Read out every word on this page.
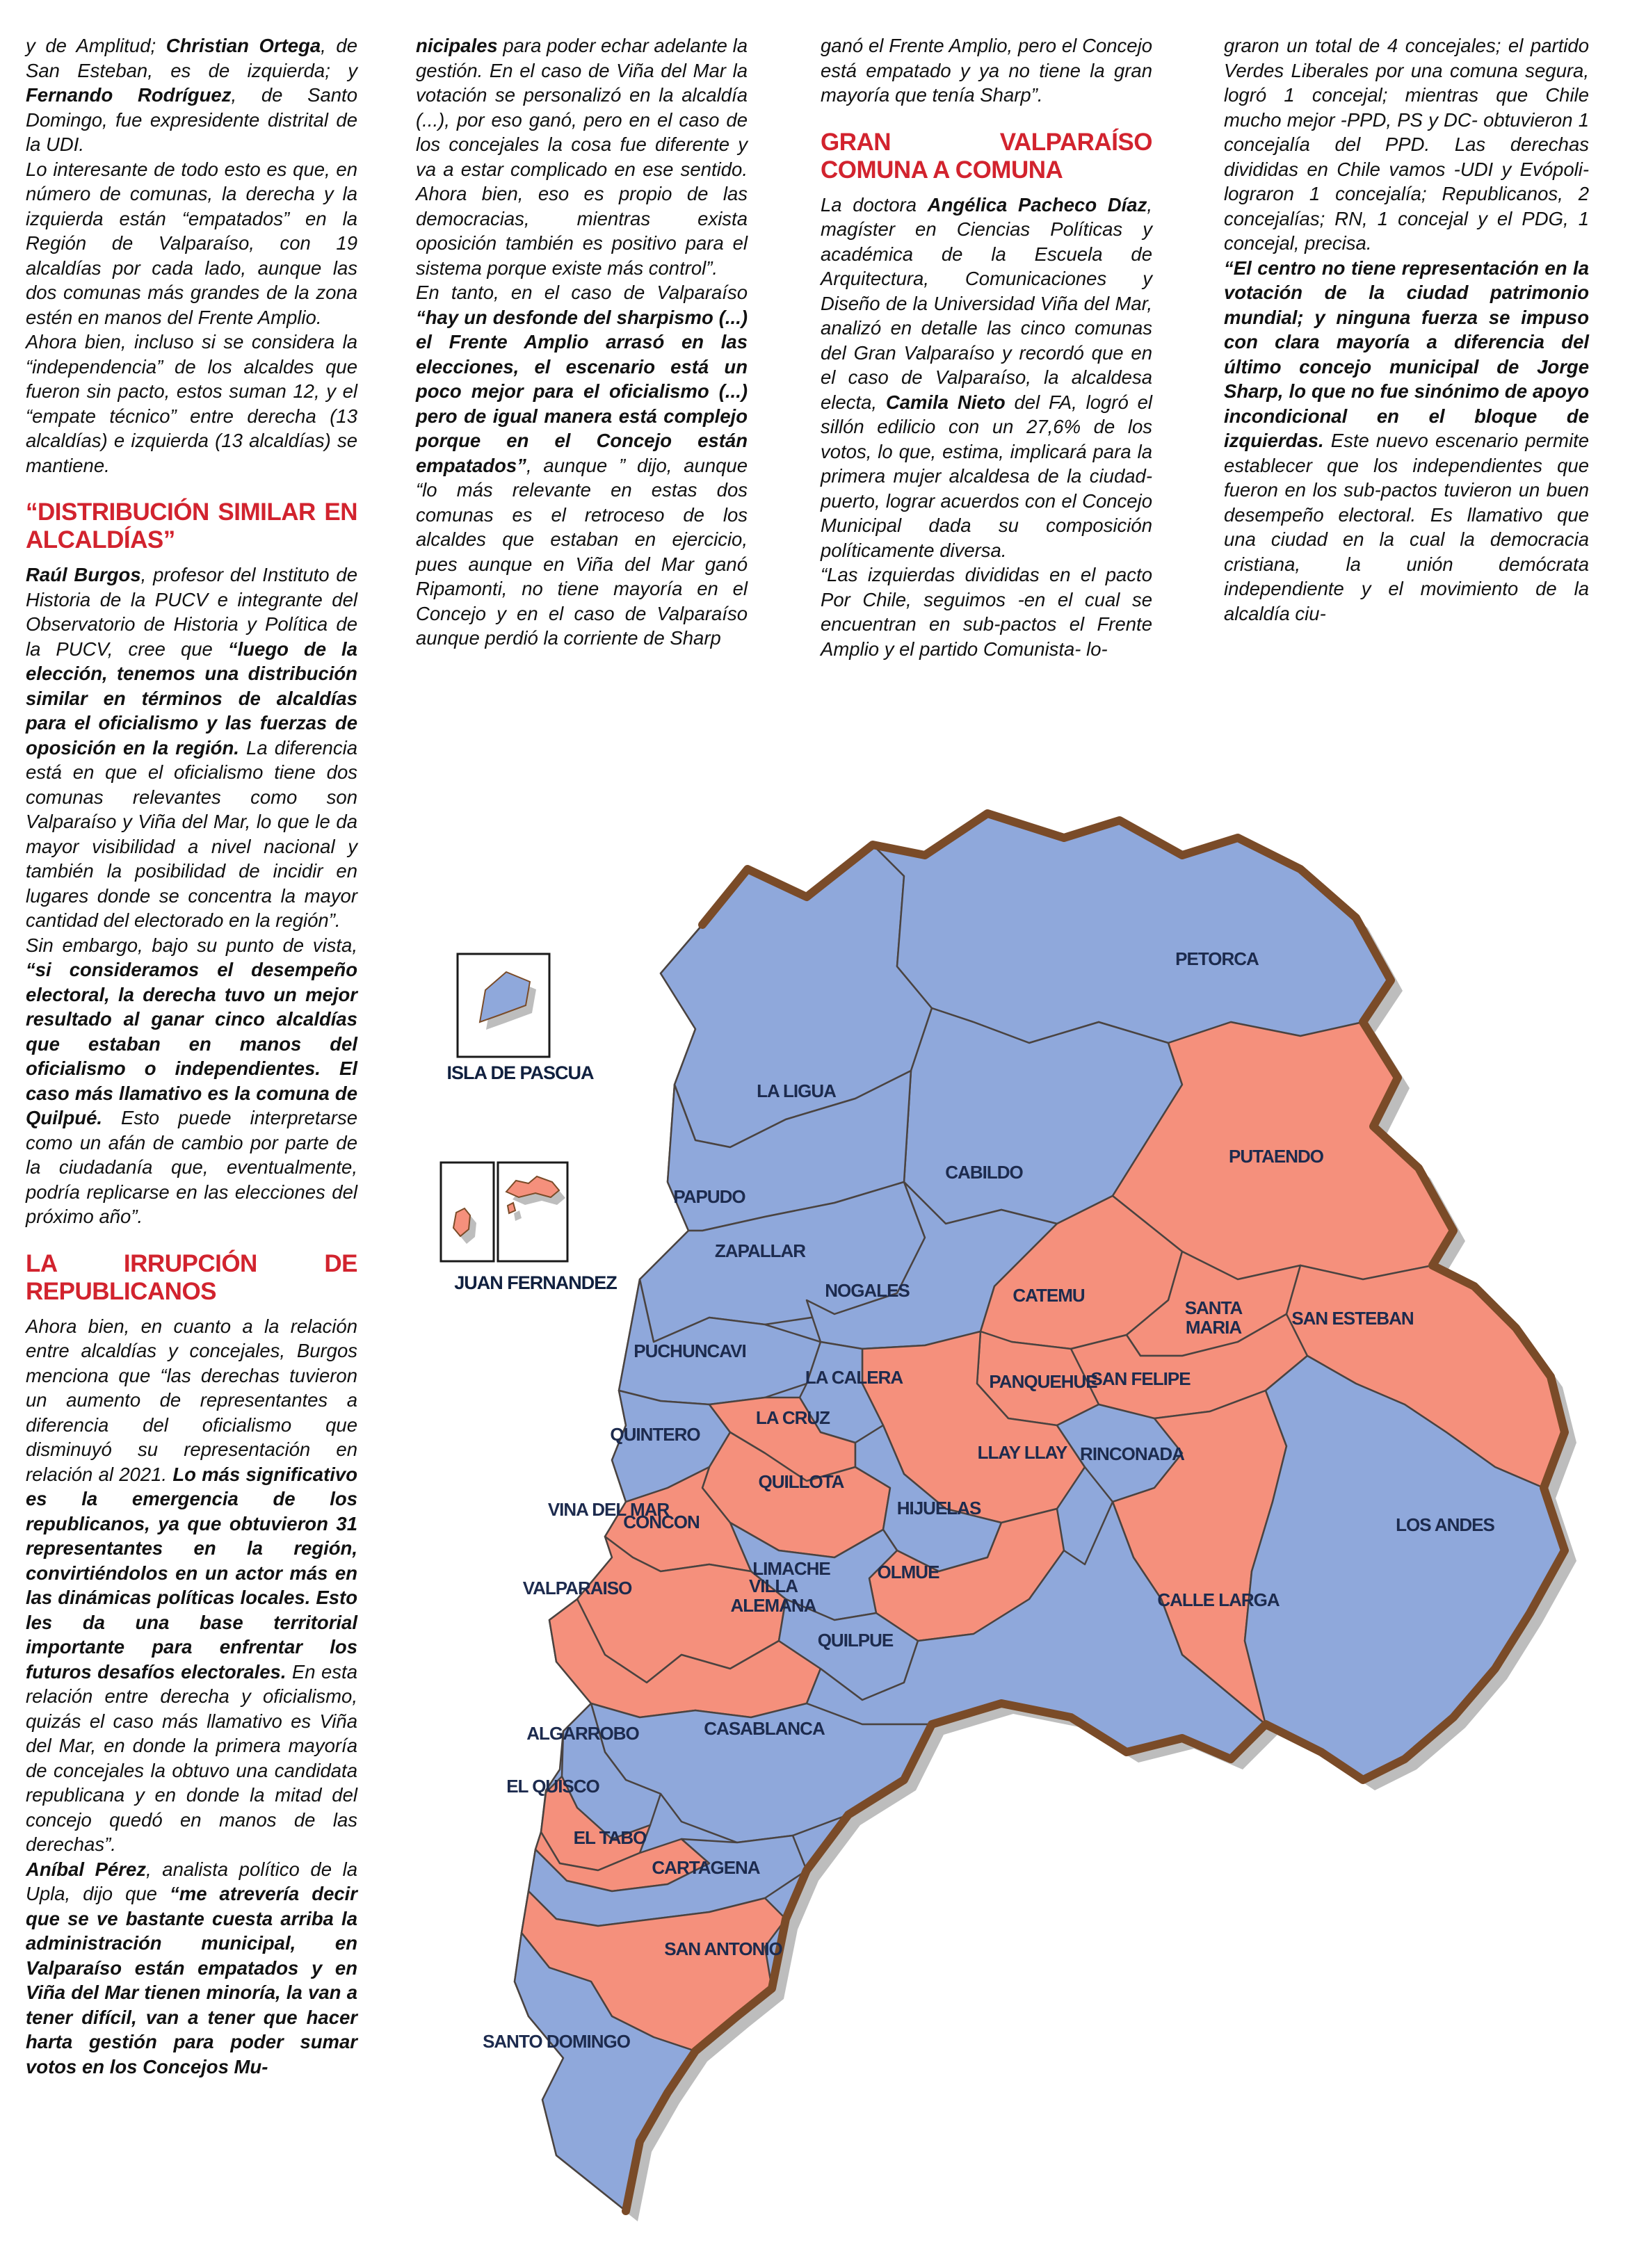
LA LIGUA
PETORCA
CABILDO
PUTAENDO
PAPUDO
ZAPALLAR
NOGALES	CATEMU
SANTA
MARIA
SAN FELIPE
SAN ESTEBAN
PANQUEHUE
LLAY LLAY RINCONADA
CALLE LARGA
LOS ANDES
PUCHUNCAVI
QUINTERO
LA CALERA
LA CRUZ
QUILLOTA
HIJUELAS
OLMUE
LIMACHE
CONCON
VINA DEL MAR
VALPARAISO	VILLA
ALEMANA
QUILPUE
CASABLANCA
ALGARROBO
EL QUISCO
EL TABO
CARTAGENA
SAN ANTONIO
SANTO DOMINGO
ISLA DE PASCUA
JUAN FERNANDEZ

y de Amplitud; Christian Ortega, de San Esteban, es de izquierda; y Fernando Rodríguez, de Santo Domingo, fue expresidente distrital de la UDI.

Lo interesante de todo esto es que, en número de comunas, la derecha y la izquierda están “empatados” en la Región de Valparaíso, con 19 alcaldías por cada lado, aunque las dos comunas más grandes de la zona estén en manos del Frente Amplio.

Ahora bien, incluso si se considera la “independencia” de los alcaldes que fueron sin pacto, estos suman 12, y el “empate técnico” entre derecha (13 alcaldías) e izquierda (13 alcaldías) se mantiene.

“DISTRIBUCIÓN SIMILAR EN ALCALDÍAS”

Raúl Burgos, profesor del Instituto de Historia de la PUCV e integrante del Observatorio de Historia y Política de la PUCV, cree que “luego de la elección, tenemos una distribución similar en términos de alcaldías para el oficialismo y las fuerzas de oposición en la región. La diferencia está en que el oficialismo tiene dos comunas relevantes como son Valparaíso y Viña del Mar, lo que le da mayor visibilidad a nivel nacional y también la posibilidad de incidir en lugares donde se concentra la mayor cantidad del electorado en la región”.

Sin embargo, bajo su punto de vista, “si consideramos el desempeño electoral, la derecha tuvo un mejor resultado al ganar cinco alcaldías que estaban en manos del oficialismo o independientes. El caso más llamativo es la comuna de Quilpué. Esto puede interpretarse como un afán de cambio por parte de la ciudadanía que, eventualmente, podría replicarse en las elecciones del próximo año”.

LA IRRUPCIÓN DE REPUBLICANOS

Ahora bien, en cuanto a la relación entre alcaldías y concejales, Burgos menciona que “las derechas tuvieron un aumento de representantes a diferencia del oficialismo que disminuyó su representación en relación al 2021. Lo más significativo es la emergencia de los republicanos, ya que obtuvieron 31 representantes en la región, convirtiéndolos en un actor más en las dinámicas políticas locales. Esto les da una base territorial importante para enfrentar los futuros desafíos electorales. En esta relación entre derecha y oficialismo, quizás el caso más llamativo es Viña del Mar, en donde la primera mayoría de concejales la obtuvo una candidata republicana y en donde la mitad del concejo quedó en manos de las derechas”.

Aníbal Pérez, analista político de la Upla, dijo que “me atrevería decir que se ve bastante cuesta arriba la administración municipal, en Valparaíso están empatados y en Viña del Mar tienen minoría, la van a tener difícil, van a tener que hacer harta gestión para poder sumar votos en los Concejos Mu-

nicipales para poder echar adelante la gestión. En el caso de Viña del Mar la votación se personalizó en la alcaldía (...), por eso ganó, pero en el caso de los concejales la cosa fue diferente y va a estar complicado en ese sentido. Ahora bien, eso es propio de las democracias, mientras exista oposición también es positivo para el sistema porque existe más control”.

En tanto, en el caso de Valparaíso “hay un desfonde del sharpismo (...) el Frente Amplio arrasó en las elecciones, el escenario está un poco mejor para el oficialismo (...) pero de igual manera está complejo porque en el Concejo están empatados”, aunque ” dijo, aunque “lo más relevante en estas dos comunas es el retroceso de los alcaldes que estaban en ejercicio, pues aunque en Viña del Mar ganó Ripamonti, no tiene mayoría en el Concejo y en el caso de Valparaíso aunque perdió la corriente de Sharp

ganó el Frente Amplio, pero el Concejo está empatado y ya no tiene la gran mayoría que tenía Sharp”.

GRAN VALPARAÍSO COMUNA A COMUNA

La doctora Angélica Pacheco Díaz, magíster en Ciencias Políticas y académica de la Escuela de Arquitectura, Comunicaciones y Diseño de la Universidad Viña del Mar, analizó en detalle las cinco comunas del Gran Valparaíso y recordó que en el caso de Valparaíso, la alcaldesa electa, Camila Nieto del FA, logró el sillón edilicio con un 27,6% de los votos, lo que, estima, implicará para la primera mujer alcaldesa de la ciudad-puerto, lograr acuerdos con el Concejo Municipal dada su composición políticamente diversa.

“Las izquierdas divididas en el pacto Por Chile, seguimos -en el cual se encuentran en sub-pactos el Frente Amplio y el partido Comunista- lo-

graron un total de 4 concejales; el partido Verdes Liberales por una comuna segura, logró 1 concejal; mientras que Chile mucho mejor -PPD, PS y DC- obtuvieron 1 concejalía del PPD. Las derechas divididas en Chile vamos -UDI y Evópoli- lograron 1 concejalía; Republicanos, 2 concejalías; RN, 1 concejal y el PDG, 1 concejal, precisa.

“El centro no tiene representación en la votación de la ciudad patrimonio mundial; y ninguna fuerza se impuso con clara mayoría a diferencia del último concejo municipal de Jorge Sharp, lo que no fue sinónimo de apoyo incondicional en el bloque de izquierdas. Este nuevo escenario permite establecer que los independientes que fueron en los sub-pactos tuvieron un buen desempeño electoral. Es llamativo que una ciudad en la cual la democracia cristiana, la unión demócrata independiente y el movimiento de la alcaldía ciu-
